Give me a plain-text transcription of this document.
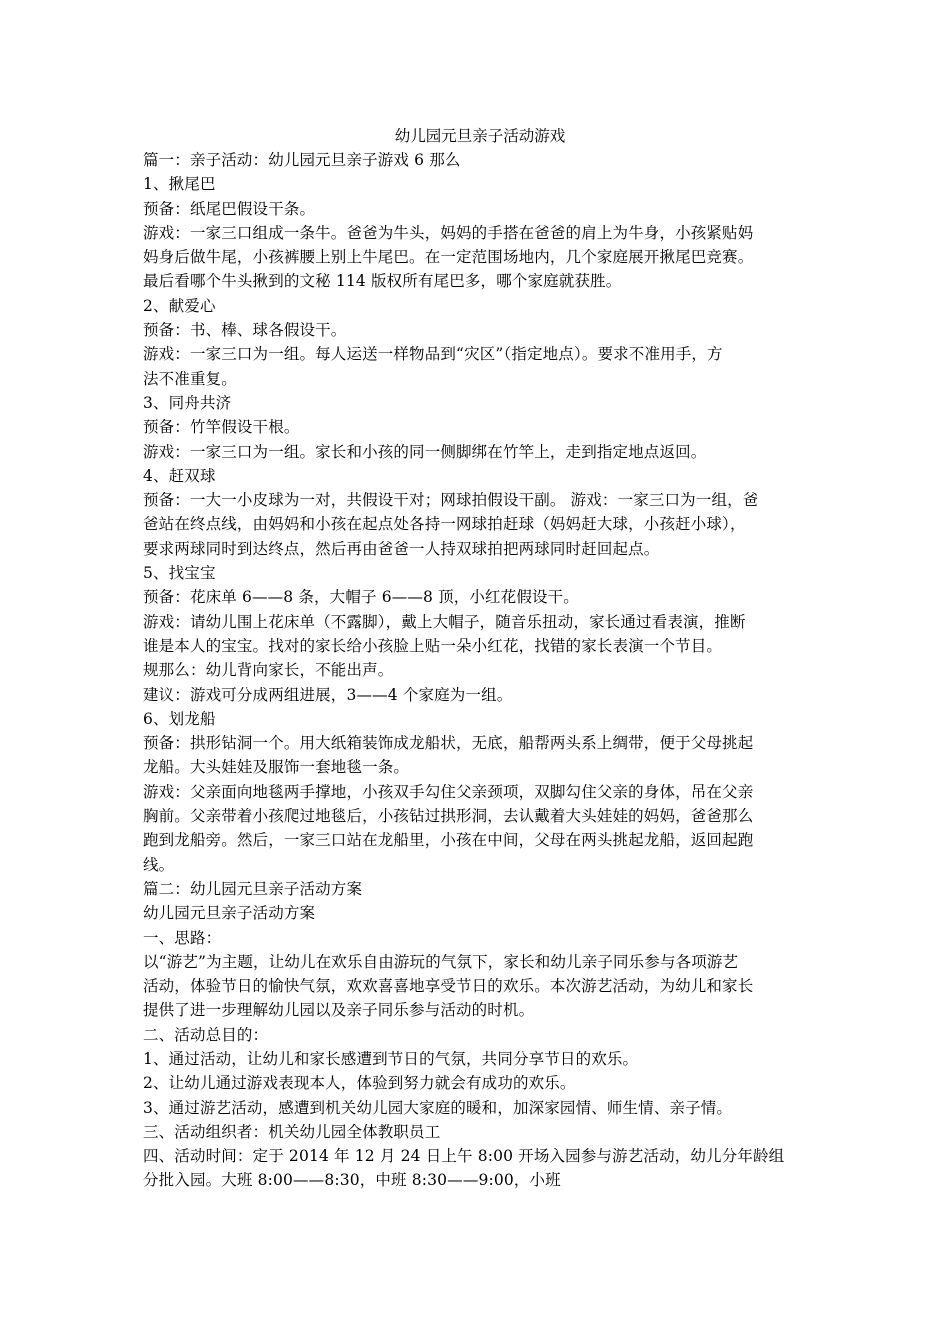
幼儿园元旦亲子活动游戏

篇一：亲子活动：幼儿园元旦亲子游戏 6 那么

1、揪尾巴

预备：纸尾巴假设干条。

游戏：一家三口组成一条牛。爸爸为牛头，妈妈的手搭在爸爸的肩上为牛身，小孩紧贴妈

妈身后做牛尾，小孩裤腰上别上牛尾巴。在一定范围场地内，几个家庭展开揪尾巴竞赛。

最后看哪个牛头揪到的文秘 114 版权所有尾巴多，哪个家庭就获胜。

2、献爱心

预备：书、棒、球各假设干。

游戏：一家三口为一组。每人运送一样物品到“灾区”（指定地点）。要求不准用手，方

法不准重复。

3、同舟共济

预备：竹竿假设干根。

游戏：一家三口为一组。家长和小孩的同一侧脚绑在竹竿上，走到指定地点返回。

4、赶双球

预备：一大一小皮球为一对，共假设干对；网球拍假设干副。 游戏：一家三口为一组，爸

爸站在终点线，由妈妈和小孩在起点处各持一网球拍赶球（妈妈赶大球，小孩赶小球），

要求两球同时到达终点，然后再由爸爸一人持双球拍把两球同时赶回起点。

5、找宝宝

预备：花床单 6——8 条，大帽子 6——8 顶，小红花假设干。

游戏：请幼儿围上花床单（不露脚），戴上大帽子，随音乐扭动，家长通过看表演，推断

谁是本人的宝宝。找对的家长给小孩脸上贴一朵小红花，找错的家长表演一个节目。

规那么：幼儿背向家长，不能出声。

建议：游戏可分成两组进展，3——4 个家庭为一组。

6、划龙船

预备：拱形钻洞一个。用大纸箱装饰成龙船状，无底，船帮两头系上绸带，便于父母挑起

龙船。大头娃娃及服饰一套地毯一条。

游戏：父亲面向地毯两手撑地，小孩双手勾住父亲颈项，双脚勾住父亲的身体，吊在父亲

胸前。父亲带着小孩爬过地毯后，小孩钻过拱形洞，去认戴着大头娃娃的妈妈，爸爸那么

跑到龙船旁。然后，一家三口站在龙船里，小孩在中间，父母在两头挑起龙船，返回起跑

线。

篇二：幼儿园元旦亲子活动方案

幼儿园元旦亲子活动方案

一、思路：

以“游艺”为主题，让幼儿在欢乐自由游玩的气氛下，家长和幼儿亲子同乐参与各项游艺

活动，体验节日的愉快气氛，欢欢喜喜地享受节日的欢乐。本次游艺活动，为幼儿和家长

提供了进一步理解幼儿园以及亲子同乐参与活动的时机。

二、活动总目的：

1、通过活动，让幼儿和家长感遭到节日的气氛，共同分享节日的欢乐。

2、让幼儿通过游戏表现本人，体验到努力就会有成功的欢乐。

3、通过游艺活动，感遭到机关幼儿园大家庭的暖和，加深家园情、师生情、亲子情。

三、活动组织者：机关幼儿园全体教职员工

四、活动时间：定于 2014 年 12 月 24 日上午 8:00 开场入园参与游艺活动，幼儿分年龄组

分批入园。大班 8:00——8:30，中班 8:30——9:00，小班
